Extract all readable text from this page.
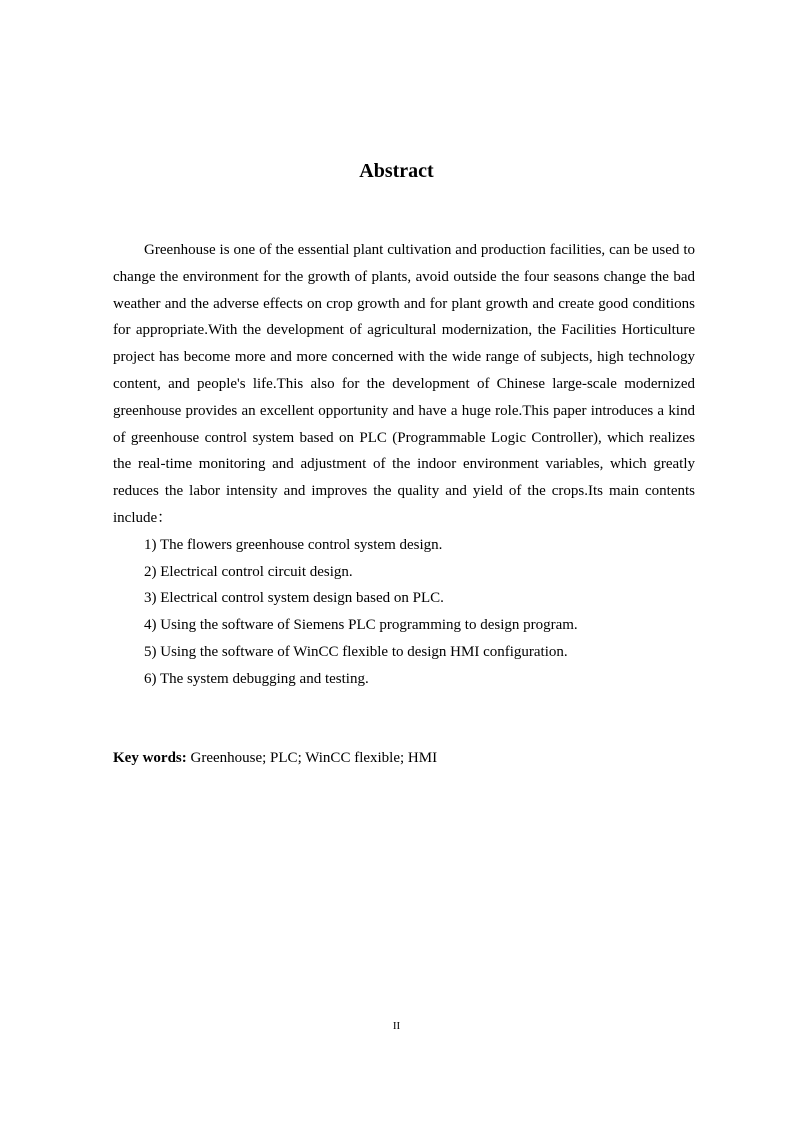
Abstract

Greenhouse is one of the essential plant cultivation and production facilities, can be used to change the environment for the growth of plants, avoid outside the four seasons change the bad weather and the adverse effects on crop growth and for plant growth and create good conditions for appropriate.With the development of agricultural modernization, the Facilities Horticulture project has become more and more concerned with the wide range of subjects, high technology content, and people's life.This also for the development of Chinese large-scale modernized greenhouse provides an excellent opportunity and have a huge role.This paper introduces a kind of greenhouse control system based on PLC (Programmable Logic Controller), which realizes the real-time monitoring and adjustment of the indoor environment variables, which greatly reduces the labor intensity and improves the quality and yield of the crops.Its main contents include：

1) The flowers greenhouse control system design.
2) Electrical control circuit design.
3) Electrical control system design based on PLC.
4) Using the software of Siemens PLC programming to design program.
5) Using the software of WinCC flexible to design HMI configuration.
6) The system debugging and testing.

Key words: Greenhouse; PLC; WinCC flexible; HMI

II
